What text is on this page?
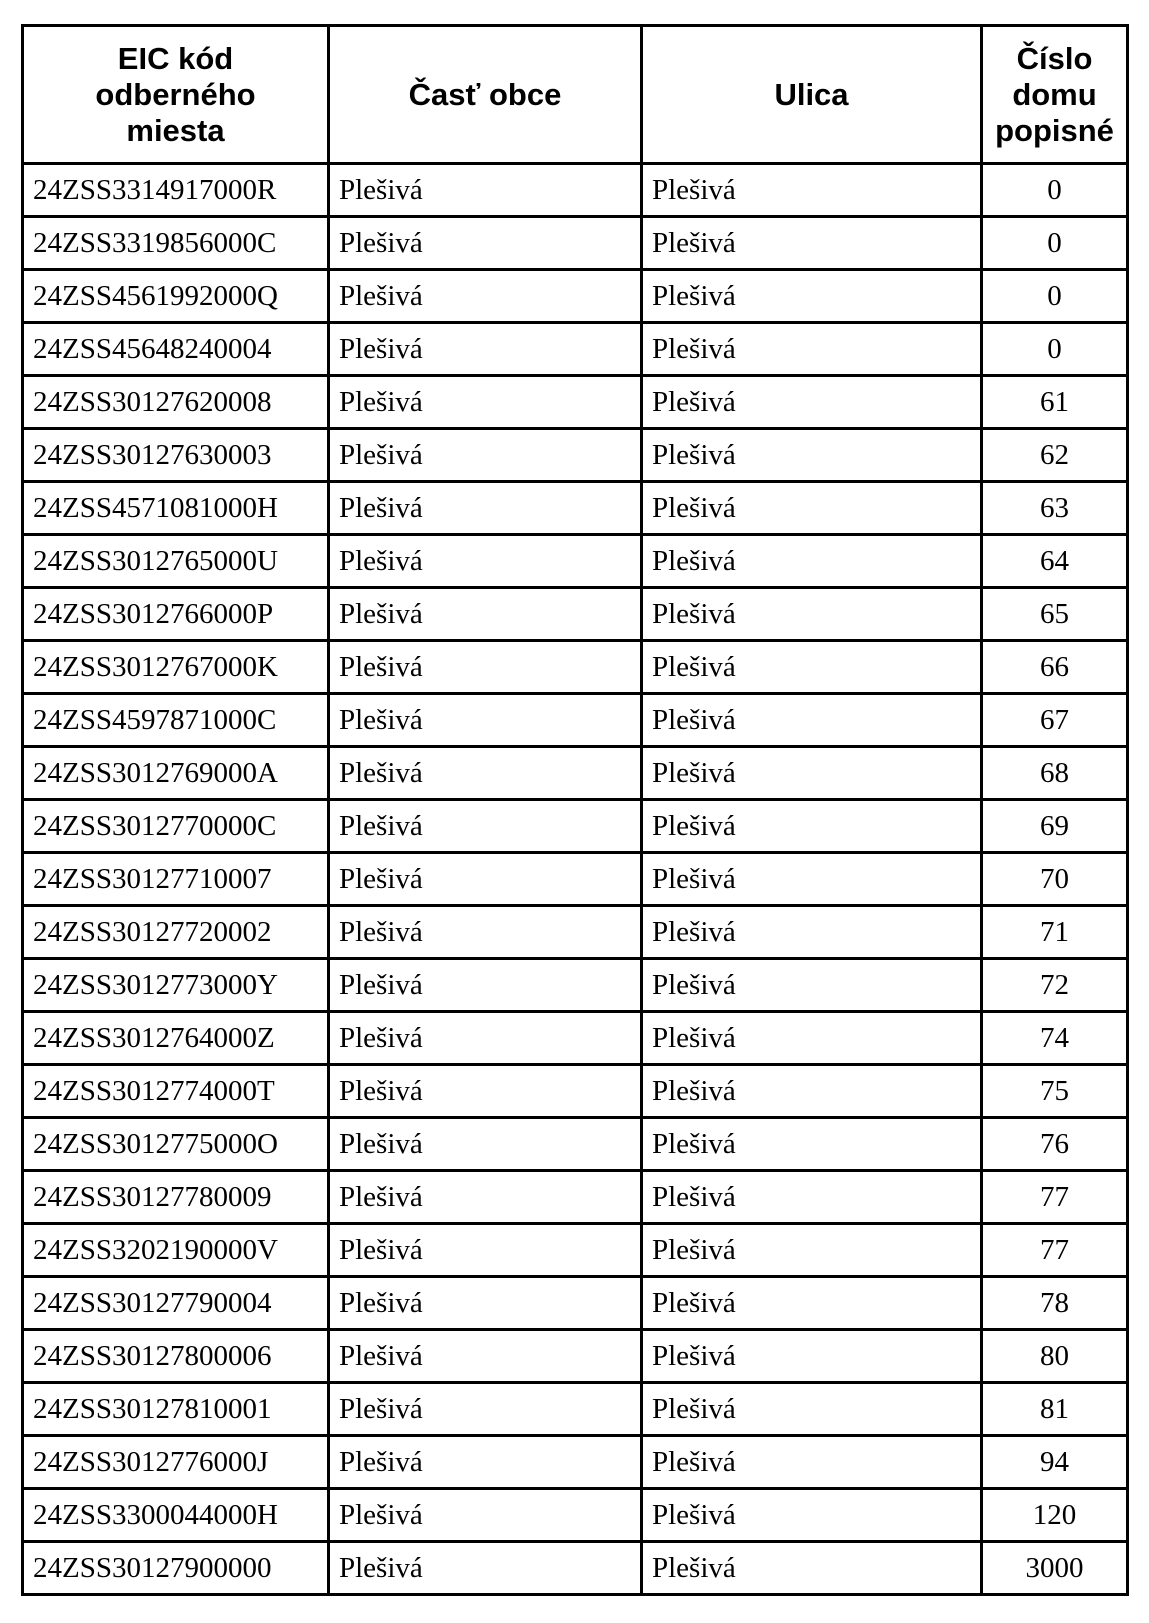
EIC kód
odberného
miesta	Časť obce	Ulica	Číslo
domu
popisné

24ZSS3314917000R	Plešivá	Plešivá	0
24ZSS3319856000C	Plešivá	Plešivá	0
24ZSS4561992000Q	Plešivá	Plešivá	0
24ZSS45648240004	Plešivá	Plešivá	0
24ZSS30127620008	Plešivá	Plešivá	61
24ZSS30127630003	Plešivá	Plešivá	62
24ZSS4571081000H	Plešivá	Plešivá	63
24ZSS3012765000U	Plešivá	Plešivá	64
24ZSS3012766000P	Plešivá	Plešivá	65
24ZSS3012767000K	Plešivá	Plešivá	66
24ZSS4597871000C	Plešivá	Plešivá	67
24ZSS3012769000A	Plešivá	Plešivá	68
24ZSS3012770000C	Plešivá	Plešivá	69
24ZSS30127710007	Plešivá	Plešivá	70
24ZSS30127720002	Plešivá	Plešivá	71
24ZSS3012773000Y	Plešivá	Plešivá	72
24ZSS3012764000Z	Plešivá	Plešivá	74
24ZSS3012774000T	Plešivá	Plešivá	75
24ZSS3012775000O	Plešivá	Plešivá	76
24ZSS30127780009	Plešivá	Plešivá	77
24ZSS3202190000V	Plešivá	Plešivá	77
24ZSS30127790004	Plešivá	Plešivá	78
24ZSS30127800006	Plešivá	Plešivá	80
24ZSS30127810001	Plešivá	Plešivá	81
24ZSS3012776000J	Plešivá	Plešivá	94
24ZSS3300044000H	Plešivá	Plešivá	120
24ZSS30127900000	Plešivá	Plešivá	3000
